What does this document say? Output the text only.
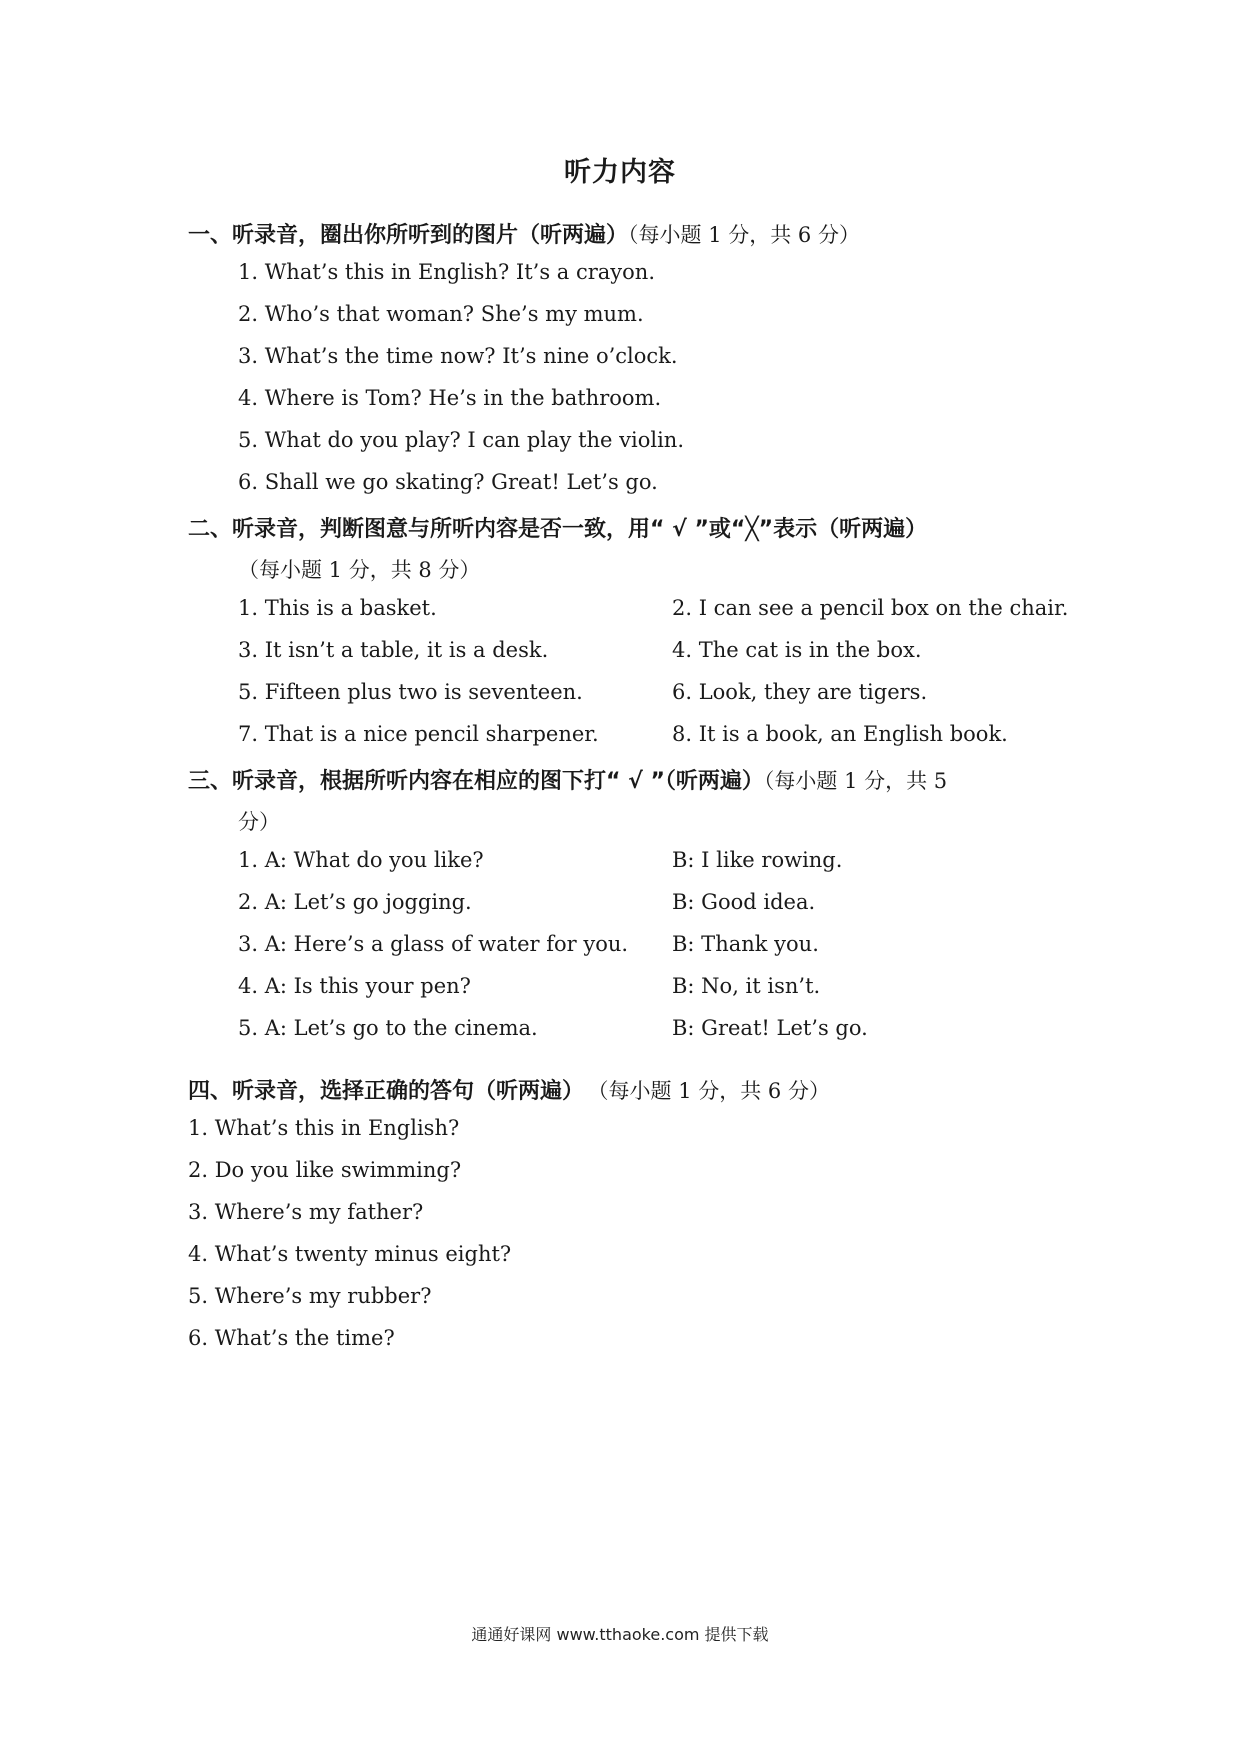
听力内容
一、听录音，圈出你所听到的图片（听两遍）（每小题 1 分，共 6 分）
1. What’s this in English? It’s a crayon.
2. Who’s that woman? She’s my mum.
3. What’s the time now? It’s nine o’clock.
4. Where is Tom? He’s in the bathroom.
5. What do you play? I can play the violin.
6. Shall we go skating? Great! Let’s go.
二、听录音，判断图意与所听内容是否一致，用“ √ ”或“╳”表示（听两遍）
（每小题 1 分，共 8 分）
1. This is a basket.	2. I can see a pencil box on the chair.
3. It isn’t a table, it is a desk.	4. The cat is in the box.
5. Fifteen plus two is seventeen.	6. Look, they are tigers.
7. That is a nice pencil sharpener.	8. It is a book, an English book.
三、听录音，根据所听内容在相应的图下打“ √ ”（听两遍）（每小题 1 分，共 5
分）
1. A: What do you like?	B: I like rowing.
2. A: Let’s go jogging.	B: Good idea.
3. A: Here’s a glass of water for you. B: Thank you.
4. A: Is this your pen?	B: No, it isn’t.
5. A: Let’s go to the cinema.	B: Great! Let’s go.
四、听录音，选择正确的答句（听两遍） （每小题 1 分，共 6 分）
1. What’s this in English?
2. Do you like swimming?
3. Where’s my father?
4. What’s twenty minus eight?
5. Where’s my rubber?
6. What’s the time?
通通好课网 www.tthaoke.com 提供下载
